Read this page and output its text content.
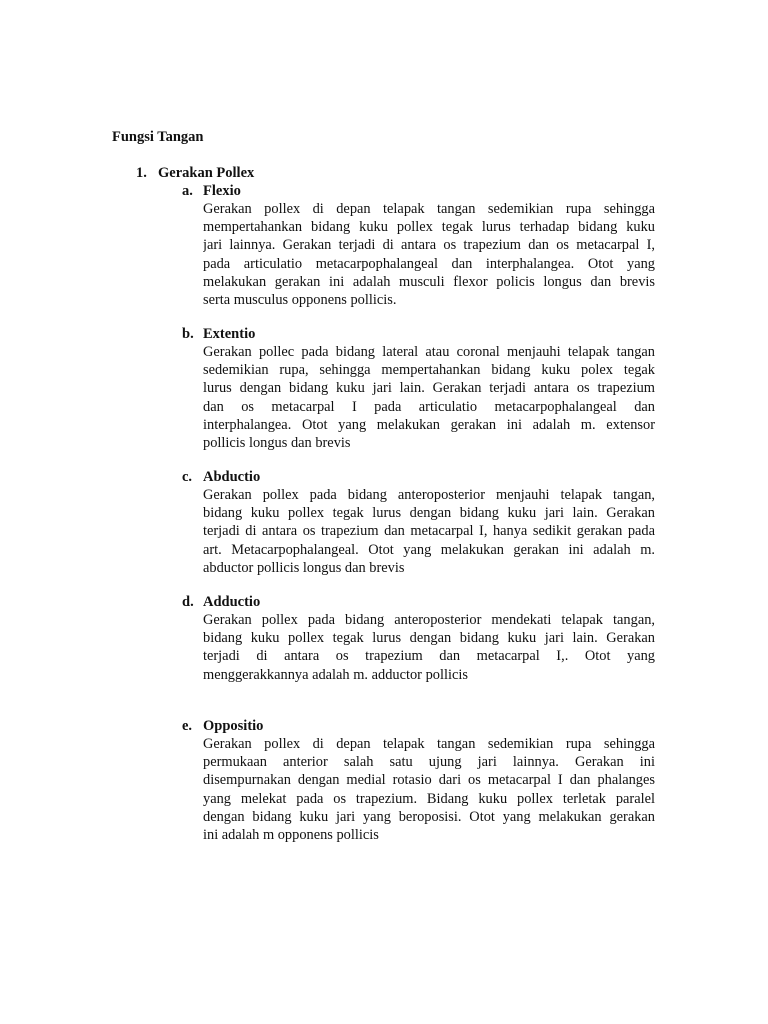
Fungsi Tangan
1. Gerakan Pollex
a. Flexio
Gerakan pollex di depan telapak tangan sedemikian rupa sehingga
mempertahankan bidang kuku pollex tegak lurus terhadap bidang kuku
jari lainnya. Gerakan terjadi di antara os trapezium dan os metacarpal I,
pada articulatio metacarpophalangeal dan interphalangea. Otot yang
melakukan gerakan ini adalah musculi flexor policis longus dan brevis
serta musculus opponens pollicis.
b. Extentio
Gerakan pollec pada bidang lateral atau coronal menjauhi telapak tangan
sedemikian rupa, sehingga mempertahankan bidang kuku polex tegak
lurus dengan bidang kuku jari lain. Gerakan terjadi antara os trapezium
dan os metacarpal I pada articulatio metacarpophalangeal dan
interphalangea. Otot yang melakukan gerakan ini adalah m. extensor
pollicis longus dan brevis
c. Abductio
Gerakan pollex pada bidang anteroposterior menjauhi telapak tangan,
bidang kuku pollex tegak lurus dengan bidang kuku jari lain. Gerakan
terjadi di antara os trapezium dan metacarpal I, hanya sedikit gerakan pada
art. Metacarpophalangeal. Otot yang melakukan gerakan ini adalah m.
abductor pollicis longus dan brevis
d. Adductio
Gerakan pollex pada bidang anteroposterior mendekati telapak tangan,
bidang kuku pollex tegak lurus dengan bidang kuku jari lain. Gerakan
terjadi di antara os trapezium dan metacarpal I,. Otot yang
menggerakkannya adalah m. adductor pollicis
e. Oppositio
Gerakan pollex di depan telapak tangan sedemikian rupa sehingga
permukaan anterior salah satu ujung jari lainnya. Gerakan ini
disempurnakan dengan medial rotasio dari os metacarpal I dan phalanges
yang melekat pada os trapezium. Bidang kuku pollex terletak paralel
dengan bidang kuku jari yang beroposisi. Otot yang melakukan gerakan
ini adalah m opponens pollicis
